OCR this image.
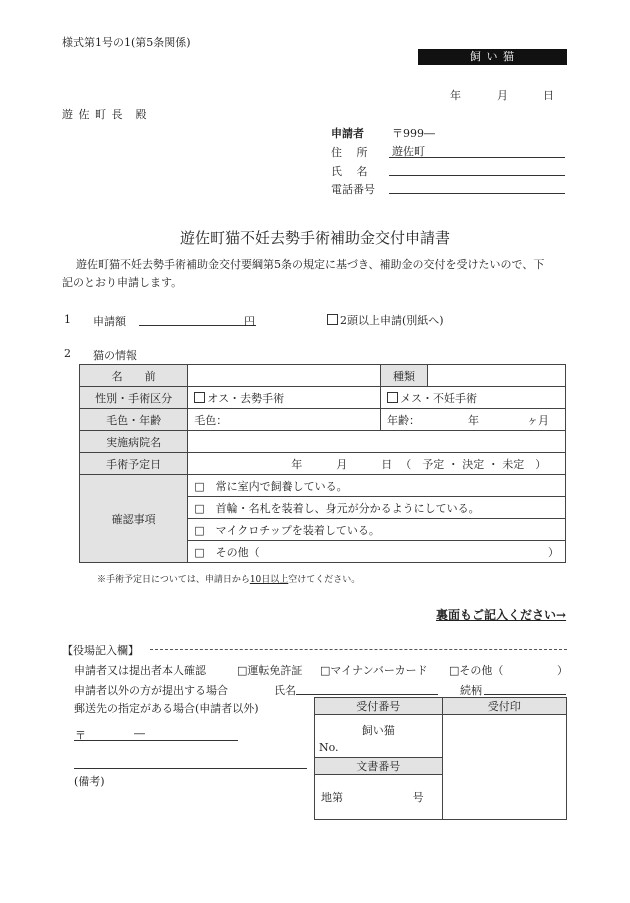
様式第1号の1(第5条関係)
飼 い 猫
年	月	日
遊 佐 町 長　殿
申請者	〒999―
住　 所 遊佐町
氏　 名
電話番号
遊佐町猫不妊去勢手術補助金交付申請書
遊佐町猫不妊去勢手術補助金交付要綱第5条の規定に基づき、補助金の交付を受けたいので、下
記のとおり申請します。
1 申請額	円	2頭以上申請(別紙へ)
2 猫の情報
名　　前		種類

性別・手術区分	オス・去勢手術	メス・不妊手術
毛色・年齢	毛色：	年齢： 年 ヶ月
実施病院名		
手術予定日	年 月 日 （　予定 ・ 決定 ・ 未定　）	
確認事項	□　常に室内で飼養している。	
	□　首輪・名札を装着し、身元が分かるようにしている。	
	□　マイクロチップを装着している。	

	□　その他（ ）	
※手術予定日については、申請日から10日以上空けてください。
裏面もご記入ください→
【役場記入欄】
申請者又は提出者本人確認	□運転免許証 □マイナンバーカード □その他（	）
申請者以外の方が提出する場合	氏名	続柄
郵送先の指定がある場合(申請者以外)
〒	―
(備考)
受付番号	受付印

飼い猫
No.	

文書番号	

地第 号	
